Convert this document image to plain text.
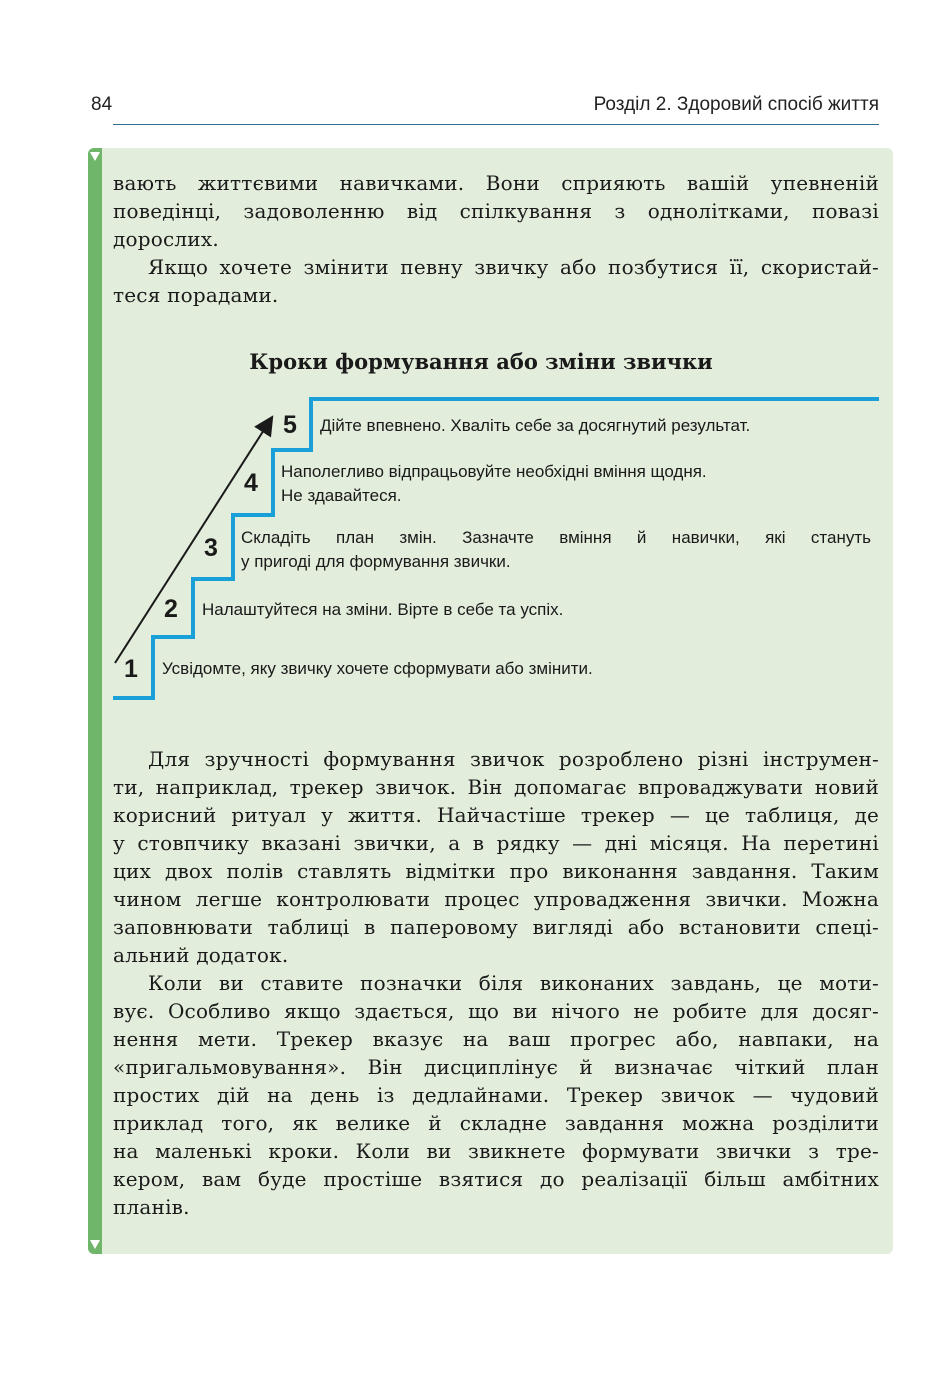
84	Розділ 2. Здоровий спосіб життя

вають життєвими навичками. Вони сприяють вашій упевненій

поведінці, задоволенню від спілкування з однолітками, повазі

дорослих.

Якщо хочете змінити певну звичку або позбутися її, скористай-

теся порадами.

Кроки формування або зміни звички
1 Усвідомте, яку звичку хочете сформувати або змінити.
2 Налаштуйтеся на зміни. Вірте в себе та успіх.
3 Складіть план змін. Зазначте вміння й навички, які стануть
у пригоді для формування звички.
4 Наполегливо відпрацьовуйте необхідні вміння щодня.
Не здавайтеся.
5 Дійте впевнено. Хваліть себе за досягнутий результат.

Для зручності формування звичок розроблено різні інструмен-

ти, наприклад, трекер звичок. Він допомагає впроваджувати новий

корисний ритуал у життя. Найчастіше трекер — це таблиця, де

у стовпчику вказані звички, а в рядку — дні місяця. На перетині

цих двох полів ставлять відмітки про виконання завдання. Таким

чином легше контролювати процес упровадження звички. Можна

заповнювати таблиці в паперовому вигляді або встановити спеці-

альний додаток.

Коли ви ставите позначки біля виконаних завдань, це моти-

вує. Особливо якщо здається, що ви нічого не робите для досяг-

нення мети. Трекер вказує на ваш прогрес або, навпаки, на

«пригальмовування». Він дисциплінує й визначає чіткий план

простих дій на день із дедлайнами. Трекер звичок — чудовий

приклад того, як велике й складне завдання можна розділити

на маленькі кроки. Коли ви звикнете формувати звички з тре-

кером, вам буде простіше взятися до реалізації більш амбітних

планів.
